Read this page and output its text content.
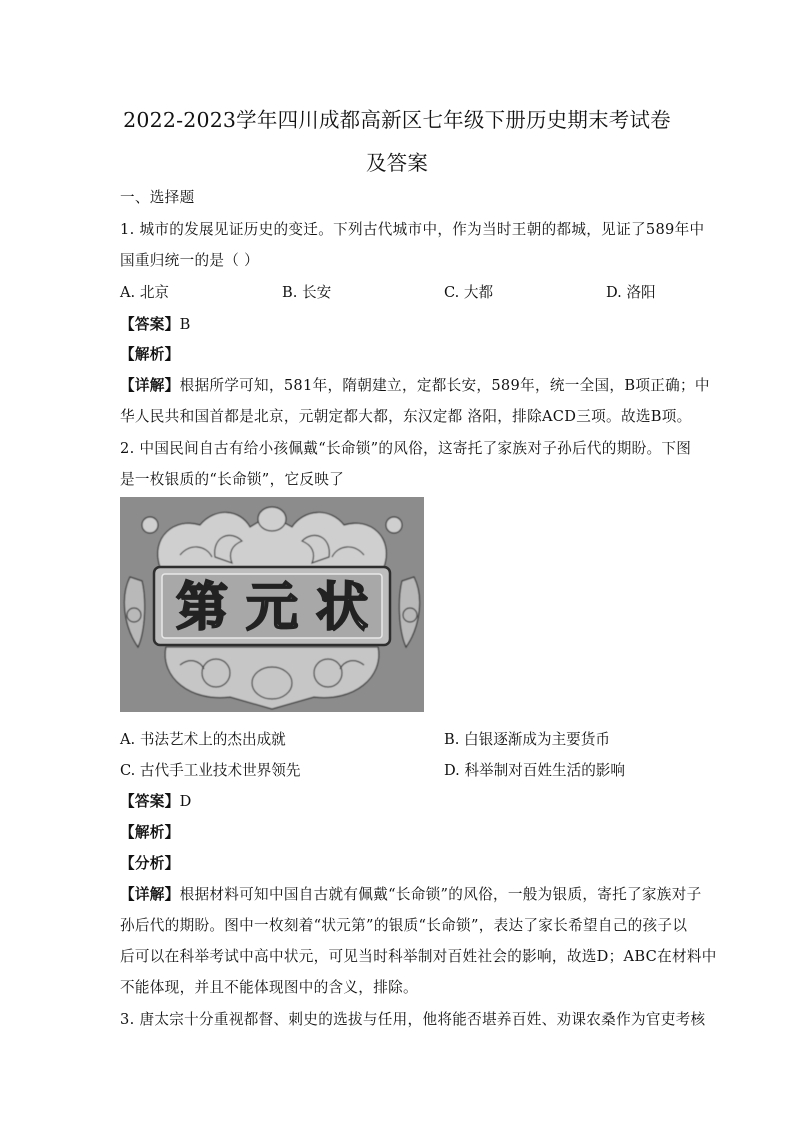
2022-2023学年四川成都高新区七年级下册历史期末考试卷
及答案
一、选择题
1. 城市的发展见证历史的变迁。下列古代城市中，作为当时王朝的都城，见证了589年中
国重归统一的是（ ）
A. 北京	B. 长安	C. 大都	D. 洛阳
【答案】B
【解析】
【详解】根据所学可知，581年，隋朝建立，定都长安，589年，统一全国，B项正确；中
华人民共和国首都是北京，元朝定都大都，东汉定都 洛阳，排除ACD三项。故选B项。
2. 中国民间自古有给小孩佩戴“长命锁”的风俗，这寄托了家族对子孙后代的期盼。下图
是一枚银质的“长命锁”，它反映了
第 元 状
A. 书法艺术上的杰出成就	B. 白银逐渐成为主要货币
C. 古代手工业技术世界领先	D. 科举制对百姓生活的影响
【答案】D
【解析】
【分析】
【详解】根据材料可知中国自古就有佩戴“长命锁”的风俗，一般为银质，寄托了家族对子
孙后代的期盼。图中一枚刻着“状元第”的银质“长命锁”，表达了家长希望自己的孩子以
后可以在科举考试中高中状元，可见当时科举制对百姓社会的影响，故选D；ABC在材料中
不能体现，并且不能体现图中的含义，排除。
3. 唐太宗十分重视都督、刺史的选拔与任用，他将能否堪养百姓、劝课农桑作为官吏考核
